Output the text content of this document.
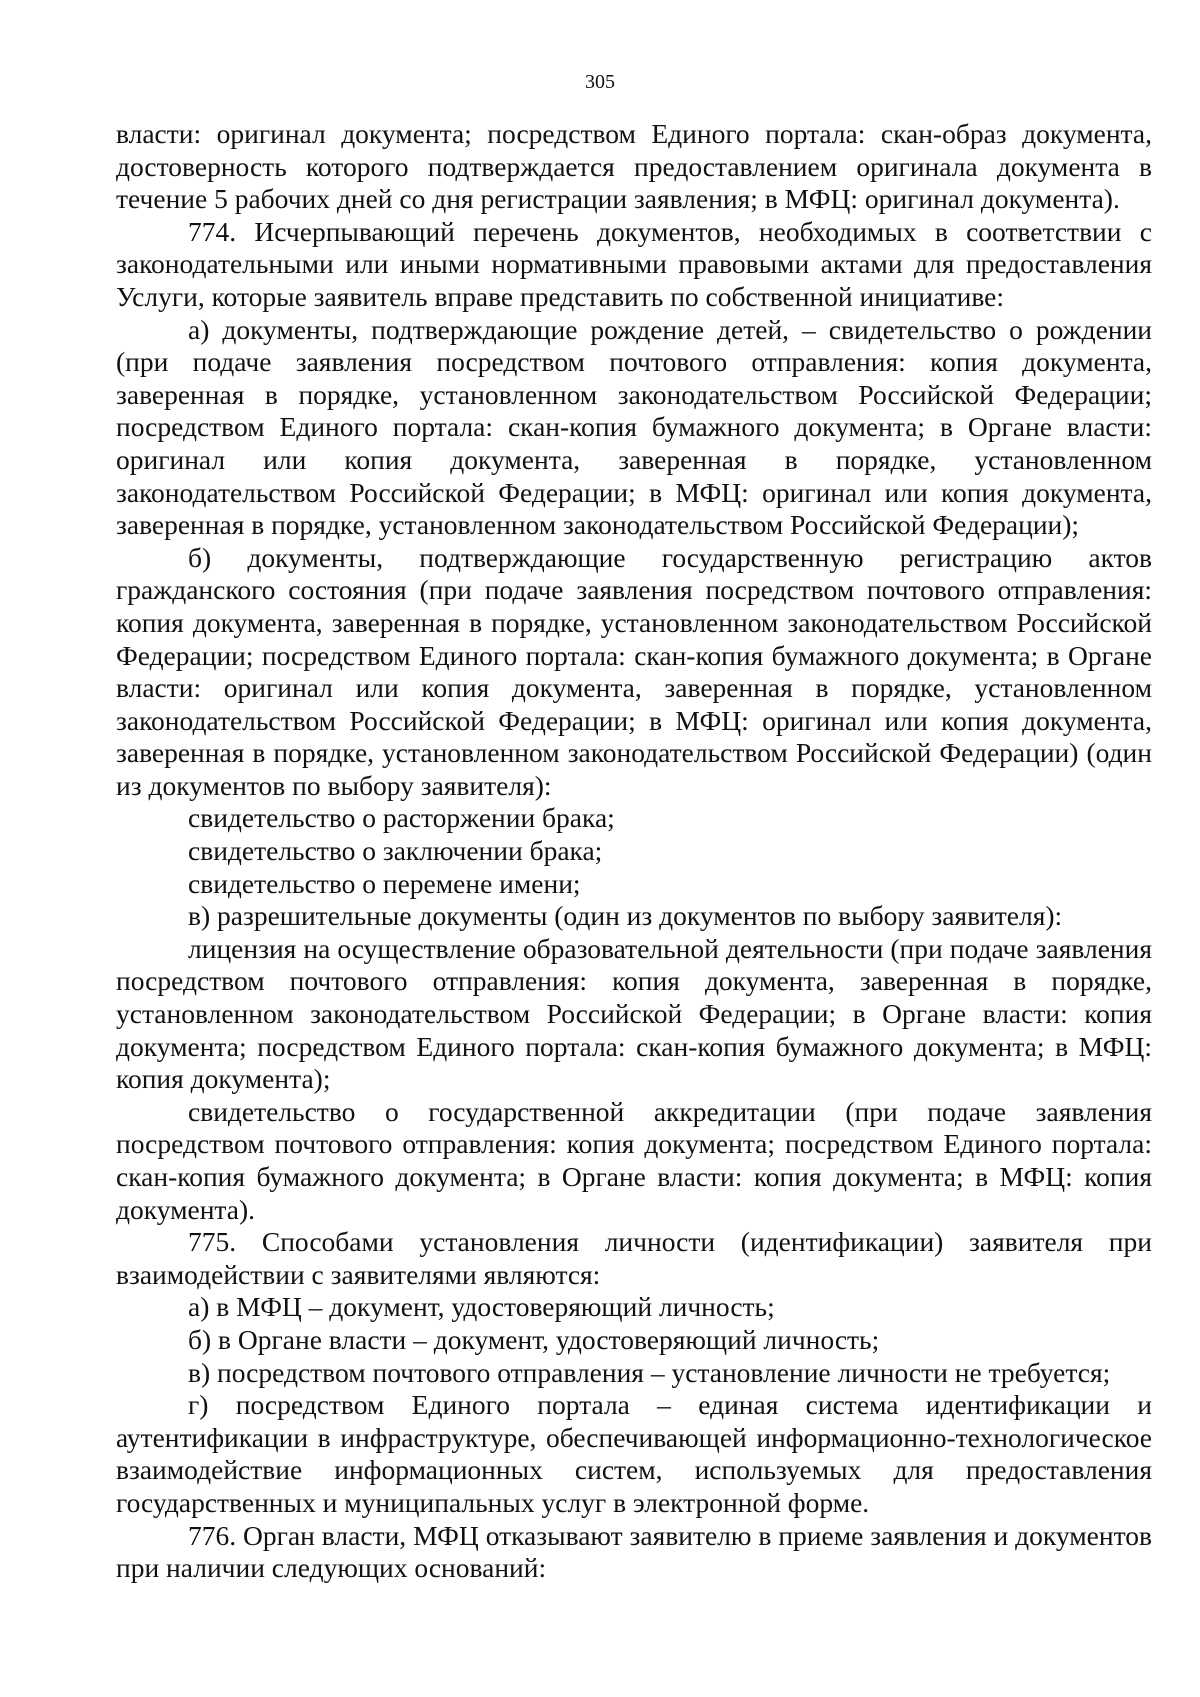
305

власти: оригинал документа; посредством Единого портала: скан-образ документа, достоверность которого подтверждается предоставлением оригинала документа в течение 5 рабочих дней со дня регистрации заявления; в МФЦ: оригинал документа).

774. Исчерпывающий перечень документов, необходимых в соответствии с законодательными или иными нормативными правовыми актами для предоставления Услуги, которые заявитель вправе представить по собственной инициативе:

а) документы, подтверждающие рождение детей, – свидетельство о рождении (при подаче заявления посредством почтового отправления: копия документа, заверенная в порядке, установленном законодательством Российской Федерации; посредством Единого портала: скан-копия бумажного документа; в Органе власти: оригинал или копия документа, заверенная в порядке, установленном законодательством Российской Федерации; в МФЦ: оригинал или копия документа, заверенная в порядке, установленном законодательством Российской Федерации);

б) документы, подтверждающие государственную регистрацию актов гражданского состояния (при подаче заявления посредством почтового отправления: копия документа, заверенная в порядке, установленном законодательством Российской Федерации; посредством Единого портала: скан-копия бумажного документа; в Органе власти: оригинал или копия документа, заверенная в порядке, установленном законодательством Российской Федерации; в МФЦ: оригинал или копия документа, заверенная в порядке, установленном законодательством Российской Федерации) (один из документов по выбору заявителя):

свидетельство о расторжении брака;

свидетельство о заключении брака;

свидетельство о перемене имени;

в) разрешительные документы (один из документов по выбору заявителя):

лицензия на осуществление образовательной деятельности (при подаче заявления посредством почтового отправления: копия документа, заверенная в порядке, установленном законодательством Российской Федерации; в Органе власти: копия документа; посредством Единого портала: скан-копия бумажного документа; в МФЦ: копия документа);

свидетельство о государственной аккредитации (при подаче заявления посредством почтового отправления: копия документа; посредством Единого портала: скан-копия бумажного документа; в Органе власти: копия документа; в МФЦ: копия документа).

775. Способами установления личности (идентификации) заявителя при взаимодействии с заявителями являются:

а) в МФЦ – документ, удостоверяющий личность;

б) в Органе власти – документ, удостоверяющий личность;

в) посредством почтового отправления – установление личности не требуется;

г) посредством Единого портала – единая система идентификации и аутентификации в инфраструктуре, обеспечивающей информационно-технологическое взаимодействие информационных систем, используемых для предоставления государственных и муниципальных услуг в электронной форме.

776. Орган власти, МФЦ отказывают заявителю в приеме заявления и документов при наличии следующих оснований:
